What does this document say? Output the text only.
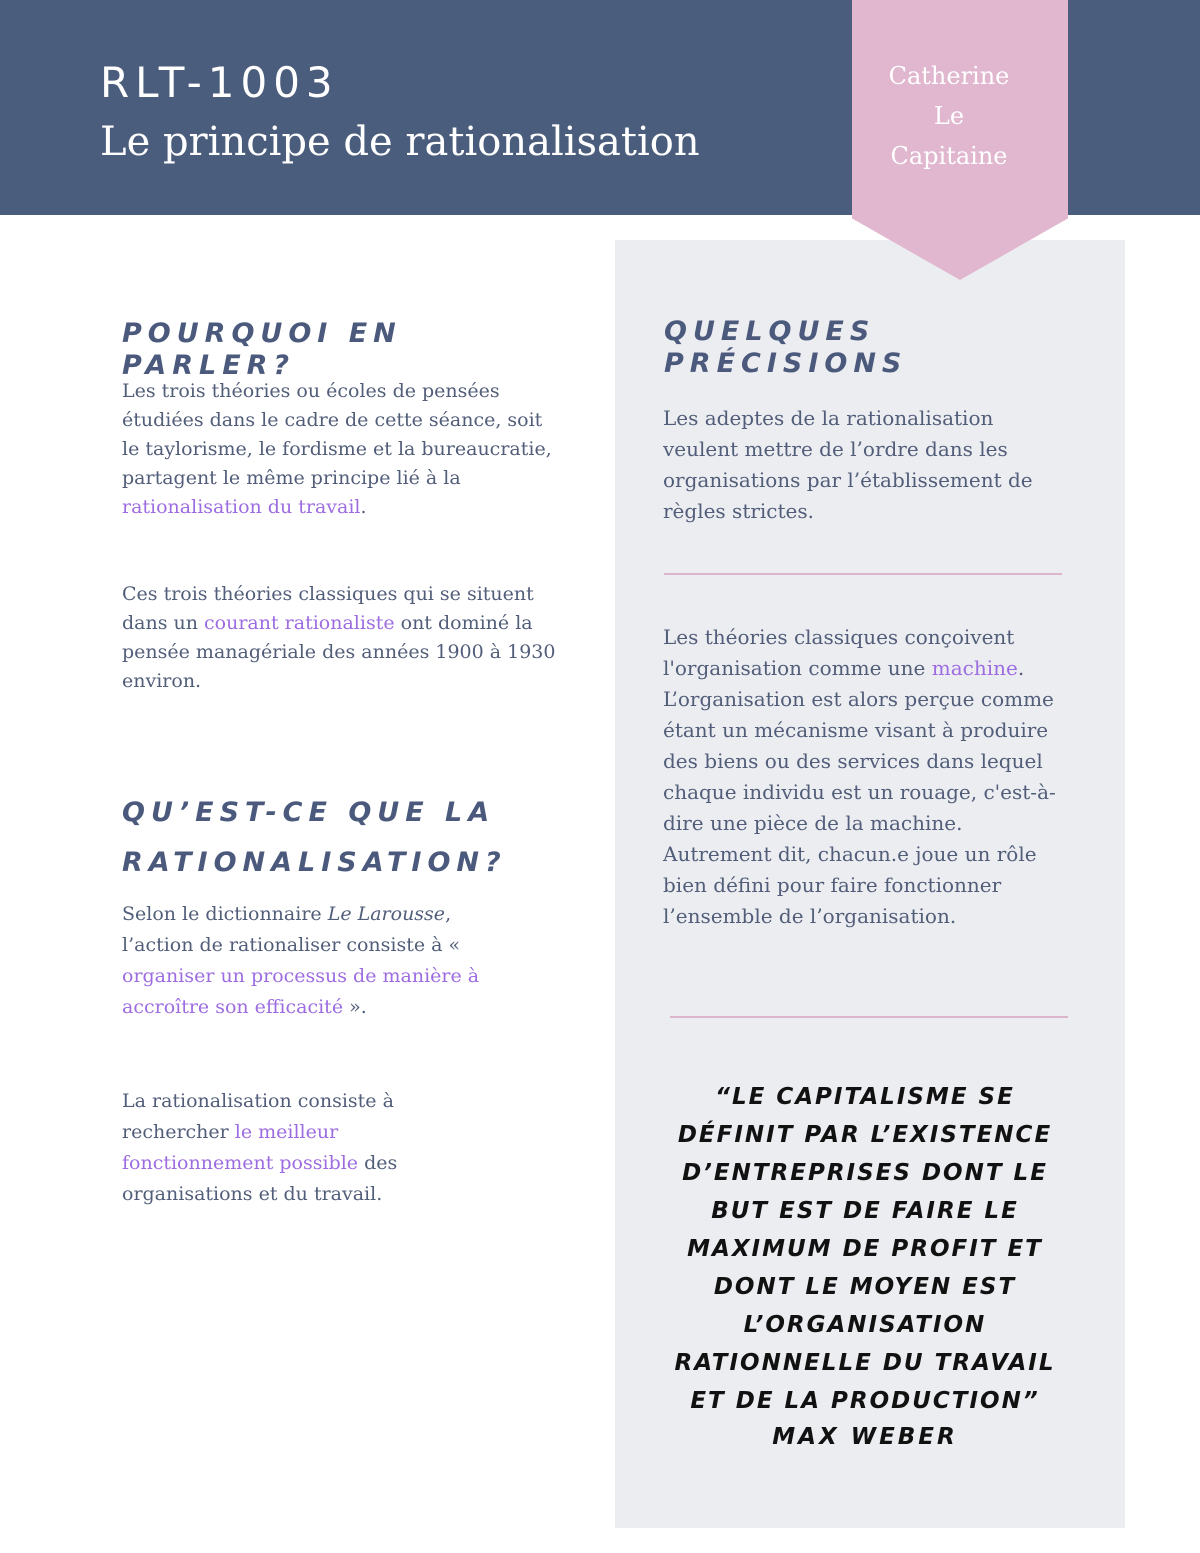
RLT-1003
Le principe de rationalisation
Catherine
Le
Capitaine
POURQUOI EN PARLER?

Les trois théories ou écoles de pensées étudiées dans le cadre de cette séance, soit le taylorisme, le fordisme et la bureaucratie, partagent le même principe lié à la rationalisation du travail.

Ces trois théories classiques qui se situent dans un courant rationaliste ont dominé la pensée managériale des années 1900 à 1930 environ.

QU’EST-CE QUE LA RATIONALISATION?

Selon le dictionnaire Le Larousse, l’action de rationaliser consiste à « organiser un processus de manière à accroître son efficacité ».

La rationalisation consiste à rechercher le meilleur fonctionnement possible des organisations et du travail.

QUELQUES PRÉCISIONS

Les adeptes de la rationalisation veulent mettre de l’ordre dans les organisations par l’établissement de règles strictes.

Les théories classiques conçoivent l'organisation comme une machine. L’organisation est alors perçue comme étant un mécanisme visant à produire des biens ou des services dans lequel chaque individu est un rouage, c'est-à-dire une pièce de la machine. Autrement dit, chacun.e joue un rôle bien défini pour faire fonctionner l’ensemble de l’organisation.

“LE CAPITALISME SE DÉFINIT PAR L’EXISTENCE D’ENTREPRISES DONT LE BUT EST DE FAIRE LE MAXIMUM DE PROFIT ET DONT LE MOYEN EST L’ORGANISATION RATIONNELLE DU TRAVAIL ET DE LA PRODUCTION”

MAX WEBER
